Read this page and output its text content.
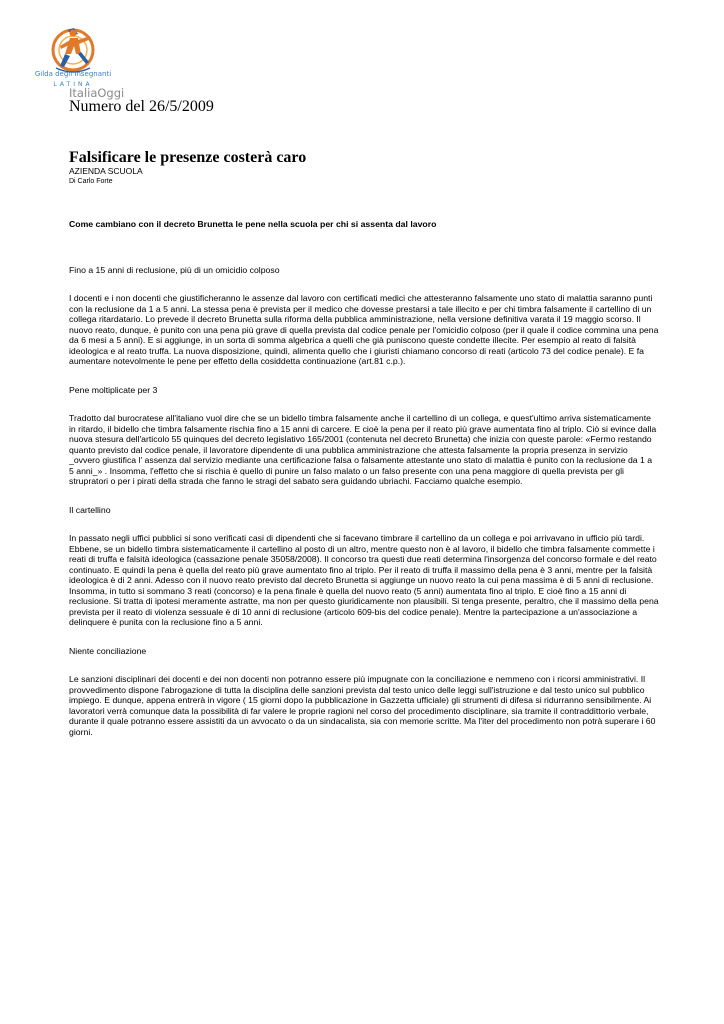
Gilda degli Insegnanti
LATINA
ItaliaOggi
Numero del 26/5/2009
Falsificare le presenze costerà caro
AZIENDA SCUOLA
Di Carlo Forte

Come cambiano con il decreto Brunetta le pene nella scuola per chi si assenta dal lavoro

Fino a 15 anni di reclusione, più di un omicidio colposo

I docenti e i non docenti che giustificheranno le assenze dal lavoro con certificati medici che attesteranno falsamente uno stato di malattia saranno punti con la reclusione da 1 a 5 anni. La stessa pena è prevista per il medico che dovesse prestarsi a tale illecito e per chi timbra falsamente il cartellino di un collega ritardatario. Lo prevede il decreto Brunetta sulla riforma della pubblica amministrazione, nella versione definitiva varata il 19 maggio scorso. Il nuovo reato, dunque, è punito con una pena più grave di quella prevista dal codice penale per l'omicidio colposo (per il quale il codice commina una pena da 6 mesi a 5 anni). E si aggiunge, in un sorta di somma algebrica a quelli che già puniscono queste condette illecite. Per esempio al reato di falsità ideologica e al reato truffa. La nuova disposizione, quindi, alimenta quello che i giuristi chiamano concorso di reati (articolo 73 del codice penale). E fa aumentare notevolmente le pene per effetto della cosiddetta continuazione (art.81 c.p.).

Pene moltiplicate per 3

Tradotto dal burocratese all'italiano vuol dire che se un bidello timbra falsamente anche il cartellino di un collega, e quest'ultimo arriva sistematicamente in ritardo, il bidello che timbra falsamente rischia fino a 15 anni di carcere. E cioè la pena per il reato più grave aumentata fino al triplo. Ciò si evince dalla nuova stesura dell'articolo 55 quinques del decreto legislativo 165/2001 (contenuta nel decreto Brunetta) che inizia con queste parole: «Fermo restando quanto previsto dal codice penale, il lavoratore dipendente di una pubblica amministrazione che attesta falsamente la propria presenza in servizio _ovvero giustifica l' assenza dal servizio mediante una certificazione falsa o falsamente attestante uno stato di malattia è punito con la reclusione da 1 a 5 anni_» . Insomma, l'effetto che si rischia è quello di punire un falso malato o un falso presente con una pena maggiore di quella prevista per gli strupratori o per i pirati della strada che fanno le stragi del sabato sera guidando ubriachi. Facciamo qualche esempio.

Il cartellino

In passato negli uffici pubblici si sono verificati casi di dipendenti che si facevano timbrare il cartellino da un collega e poi arrivavano in ufficio più tardi. Ebbene, se un bidello timbra sistematicamente il cartellino al posto di un altro, mentre questo non è al lavoro, il bidello che timbra falsamente commette i reati di truffa e falsità ideologica (cassazione penale 35058/2008). Il concorso tra questi due reati determina l'insorgenza del concorso formale e del reato continuato. E quindi la pena è quella del reato più grave aumentato fino al triplo. Per il reato di truffa il massimo della pena è 3 anni, mentre per la falsità ideologica è di 2 anni. Adesso con il nuovo reato previsto dal decreto Brunetta si aggiunge un nuovo reato la cui pena massima è di 5 anni di reclusione. Insomma, in tutto si sommano 3 reati (concorso) e la pena finale è quella del nuovo reato (5 anni) aumentata fino al triplo. E cioè fino a 15 anni di reclusione. Si tratta di ipotesi meramente astratte, ma non per questo giuridicamente non plausibili. Si tenga presente, peraltro, che il massimo della pena prevista per il reato di violenza sessuale è di 10 anni di reclusione (articolo 609-bis del codice penale). Mentre la partecipazione a un'associazione a delinquere è punita con la reclusione fino a 5 anni.

Niente conciliazione

Le sanzioni disciplinari dei docenti e dei non docenti non potranno essere più impugnate con la conciliazione e nemmeno con i ricorsi amministrativi. Il provvedimento dispone l'abrogazione di tutta la disciplina delle sanzioni prevista dal testo unico delle leggi sull'istruzione e dal testo unico sul pubblico impiego. E dunque, appena entrerà in vigore ( 15 giorni dopo la pubblicazione in Gazzetta ufficiale) gli strumenti di difesa si ridurranno sensibilmente. Ai lavoratori verrà comunque data la possibilità di far valere le proprie ragioni nel corso del procedimento disciplinare, sia tramite il contraddittorio verbale, durante il quale potranno essere assistiti da un avvocato o da un sindacalista, sia con memorie scritte. Ma l'iter del procedimento non potrà superare i 60 giorni.
